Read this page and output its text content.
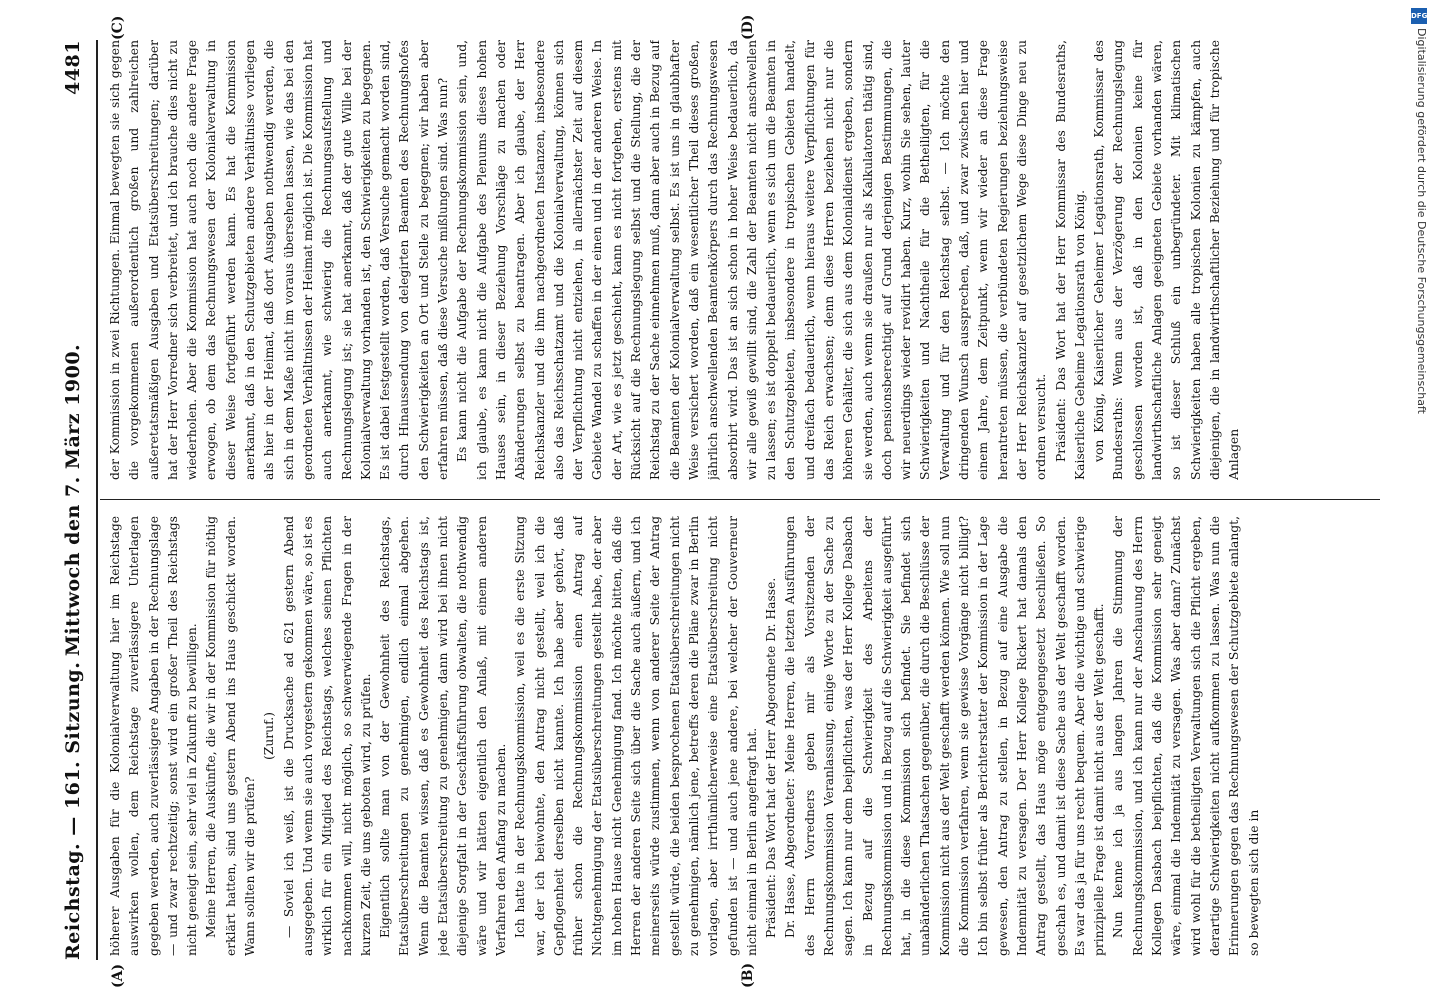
Reichstag. — 161. Sitzung.
Mittwoch den 7. März 1900.
4481

höherer Ausgaben für die Kolonialverwaltung hier im Reichstage auswirken wollen, dem Reichstage zuverlässigere Unterlagen gegeben werden, auch zuverlässigere Angaben in der Rechnungslage — und zwar rechtzeitig; sonst wird ein großer Theil des Reichstags nicht geneigt sein, sehr viel in Zukunft zu bewilligen. Meine Herren, die Auskünfte, die wir in der Kommission für nöthig erklärt hatten, sind uns gestern Abend ins Haus geschickt worden. Wann sollten wir die prüfen?

(Zuruf.) — Soviel ich weiß, ist die Drucksache ad 621 gestern Abend ausgegeben. Und wenn sie auch vorgestern gekommen wäre, so ist es wirklich für ein Mitglied des Reichstags, welches seinen Pflichten nachkommen will, nicht möglich, so schwerwiegende Fragen in der kurzen Zeit, die uns geboten wird, zu prüfen. Eigentlich sollte man von der Gewohnheit des Reichstags, Etatsüberschreitungen zu genehmigen, endlich einmal abgehen. Wenn die Beamten wissen, daß es Gewohnheit des Reichstags ist, jede Etatsüberschreitung zu genehmigen, dann wird bei ihnen nicht diejenige Sorgfalt in der Geschäftsführung obwalten, die nothwendig wäre und wir hätten eigentlich den Anlaß, mit einem anderen Verfahren den Anfang zu machen. Ich hatte in der Rechnungskommission, weil es die erste Sitzung war, der ich beiwohnte, den Antrag nicht gestellt, weil ich die Gepflogenheit derselben nicht kannte. Ich habe aber gehört, daß früher schon die Rechnungskommission einen Antrag auf Nichtgenehmigung der Etatsüberschreitungen gestellt habe, der aber im hohen Hause nicht Genehmigung fand. Ich möchte bitten, daß die Herren der anderen Seite sich über die Sache auch äußern, und ich meinerseits würde zustimmen, wenn von anderer Seite der Antrag gestellt würde, die beiden besprochenen Etatsüberschreitungen nicht zu genehmigen, nämlich jene, betreffs deren die Pläne zwar in Berlin vorlagen, aber irrthümlicherweise eine Etatsüberschreitung nicht gefunden ist — und auch jene andere, bei welcher der Gouverneur nicht einmal in Berlin angefragt hat. Präsident: Das Wort hat der Herr Abgeordnete Dr. Hasse. Dr. Hasse, Abgeordneter: Meine Herren, die letzten Ausführungen des Herrn Vorredners geben mir als Vorsitzenden der Rechnungskommission Veranlassung, einige Worte zu der Sache zu sagen. Ich kann nur dem beipflichten, was der Herr Kollege Dasbach in Bezug auf die Schwierigkeit des Arbeitens der Rechnungskommission und in Bezug auf die Schwierigkeit ausgeführt hat, in die diese Kommission sich befindet. Sie befindet sich unabänderlichen Thatsachen gegenüber, die durch die Beschlüsse der Kommission nicht aus der Welt geschafft werden können. Wie soll nun die Kommission verfahren, wenn sie gewisse Vorgänge nicht billigt? Ich bin selbst früher als Berichterstatter der Kommission in der Lage gewesen, den Antrag zu stellen, in Bezug auf eine Ausgabe die Indemnität zu versagen. Der Herr Kollege Rickert hat damals den Antrag gestellt, das Haus möge entgegengesetzt beschließen. So geschah es, und damit ist diese Sache aus der Welt geschafft worden. Es war das ja für uns recht bequem. Aber die wichtige und schwierige prinzipielle Frage ist damit nicht aus der Welt geschafft. Nun kenne ich ja aus langen Jahren die Stimmung der Rechnungskommission, und ich kann nur der Anschauung des Herrn Kollegen Dasbach beipflichten, daß die Kommission sehr geneigt wäre, einmal die Indemnität zu versagen. Was aber dann? Zunächst wird wohl für die betheiligten Verwaltungen sich die Pflicht ergeben, derartige Schwierigkeiten nicht aufkommen zu lassen. Was nun die Erinnerungen gegen das Rechnungswesen der Schutzgebiete anlangt, so bewegten sich die in

der Kommission in zwei Richtungen. Einmal bewegten sie sich gegen die vorgekommenen außerordentlich großen und zahlreichen außeretatsmäßigen Ausgaben und Etatsüberschreitungen; darüber hat der Herr Vorredner sich verbreitet, und ich brauche dies nicht zu wiederholen. Aber die Kommission hat auch noch die andere Frage erwogen, ob dem das Rechnungswesen der Kolonialverwaltung in dieser Weise fortgeführt werden kann. Es hat die Kommission anerkannt, daß in den Schutzgebieten andere Verhältnisse vorliegen als hier in der Heimat, daß dort Ausgaben nothwendig werden, die sich in dem Maße nicht im voraus übersehen lassen, wie das bei den geordneten Verhältnissen der Heimat möglich ist. Die Kommission hat auch anerkannt, wie schwierig die Rechnungsaufstellung und Rechnungslegung ist; sie hat anerkannt, daß der gute Wille bei der Kolonialverwaltung vorhanden ist, den Schwierigkeiten zu begegnen. Es ist dabei festgestellt worden, daß Versuche gemacht worden sind, durch Hinaussendung von delegirten Beamten des Rechnungshofes den Schwierigkeiten an Ort und Stelle zu begegnen; wir haben aber erfahren müssen, daß diese Versuche mißlungen sind. Was nun? Es kann nicht die Aufgabe der Rechnungskommission sein, und, ich glaube, es kann nicht die Aufgabe des Plenums dieses hohen Hauses sein, in dieser Beziehung Vorschläge zu machen oder Abänderungen selbst zu beantragen. Aber ich glaube, der Herr Reichskanzler und die ihm nachgeordneten Instanzen, insbesondere also das Reichsschatzamt und die Kolonialverwaltung, können sich der Verpflichtung nicht entziehen, in allernächster Zeit auf diesem Gebiete Wandel zu schaffen in der einen und in der anderen Weise. In der Art, wie es jetzt geschieht, kann es nicht fortgehen, erstens mit Rücksicht auf die Rechnungslegung selbst und die Stellung, die der Reichstag zu der Sache einnehmen muß, dann aber auch in Bezug auf die Beamten der Kolonialverwaltung selbst. Es ist uns in glaubhafter Weise versichert worden, daß ein wesentlicher Theil dieses großen, jährlich anschwellenden Beamtenkörpers durch das Rechnungswesen absorbirt wird. Das ist an sich schon in hoher Weise bedauerlich, da wir alle gewiß gewillt sind, die Zahl der Beamten nicht anschwellen zu lassen; es ist doppelt bedauerlich, wenn es sich um die Beamten in den Schutzgebieten, insbesondere in tropischen Gebieten handelt, und dreifach bedauerlich, wenn hieraus weitere Verpflichtungen für das Reich erwachsen; denn diese Herren beziehen nicht nur die höheren Gehälter, die sich aus dem Kolonialdienst ergeben, sondern sie werden, auch wenn sie draußen nur als Kalkulatoren thätig sind, doch pensionsberechtigt auf Grund derjenigen Bestimmungen, die wir neuerdings wieder revidirt haben. Kurz, wohin Sie sehen, lauter Schwierigkeiten und Nachtheile für die Betheiligten, für die Verwaltung und für den Reichstag selbst. — Ich möchte den dringenden Wunsch aussprechen, daß, und zwar zwischen hier und einem Jahre, dem Zeitpunkt, wenn wir wieder an diese Frage herantreten müssen, die verbündeten Regierungen beziehungsweise der Herr Reichskanzler auf gesetzlichem Wege diese Dinge neu zu ordnen versucht. Präsident: Das Wort hat der Herr Kommissar des Bundesraths, Kaiserliche Geheime Legationsrath von König. von König, Kaiserlicher Geheimer Legationsrath, Kommissar des Bundesraths: Wenn aus der Verzögerung der Rechnungslegung geschlossen worden ist, daß in den Kolonien keine für landwirthschaftliche Anlagen geeigneten Gebiete vorhanden wären, so ist dieser Schluß ein unbegründeter. Mit klimatischen Schwierigkeiten haben alle tropischen Kolonien zu kämpfen, auch diejenigen, die in landwirthschaftlicher Beziehung und für tropische Anlagen

(A)	(B)
(C)	(D)	DFG
Digitalisierung gefördert durch die Deutsche Forschungsgemeinschaft
